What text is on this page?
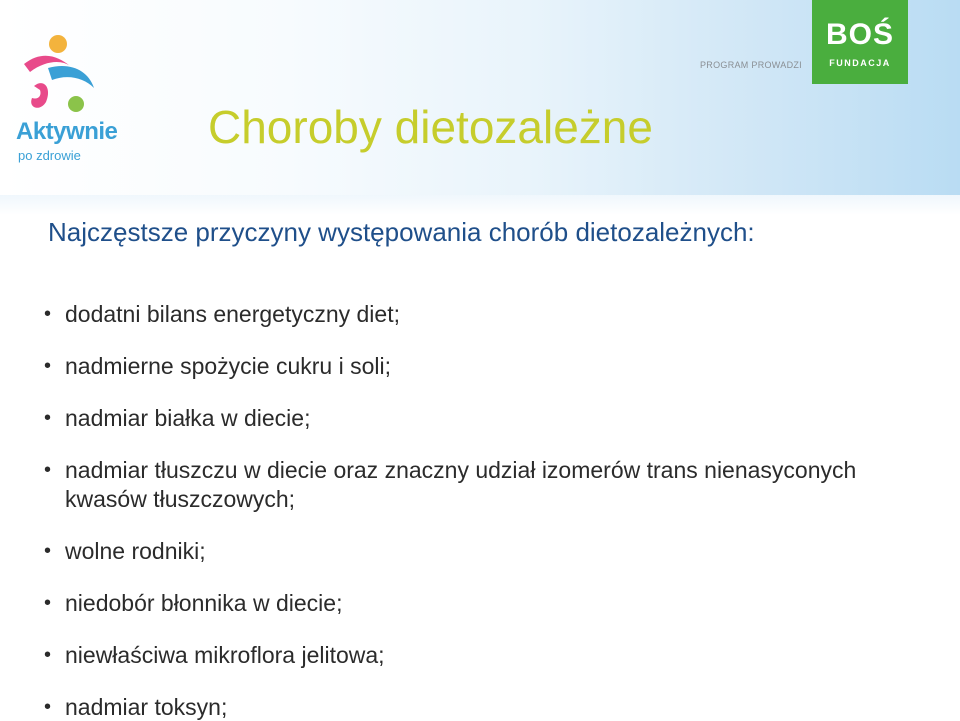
Aktywnie
po zdrowie
PROGRAM PROWADZI
BOŚ
FUNDACJA
Choroby dietozależne
Najczęstsze przyczyny występowania chorób dietozależnych:
• dodatni bilans energetyczny diet;
• nadmierne spożycie cukru i soli;
• nadmiar białka w diecie;
• nadmiar tłuszczu w diecie oraz znaczny udział izomerów trans nienasyconych kwasów tłuszczowych;
• wolne rodniki;
• niedobór błonnika w diecie;
• niewłaściwa mikroflora jelitowa;
• nadmiar toksyn;
